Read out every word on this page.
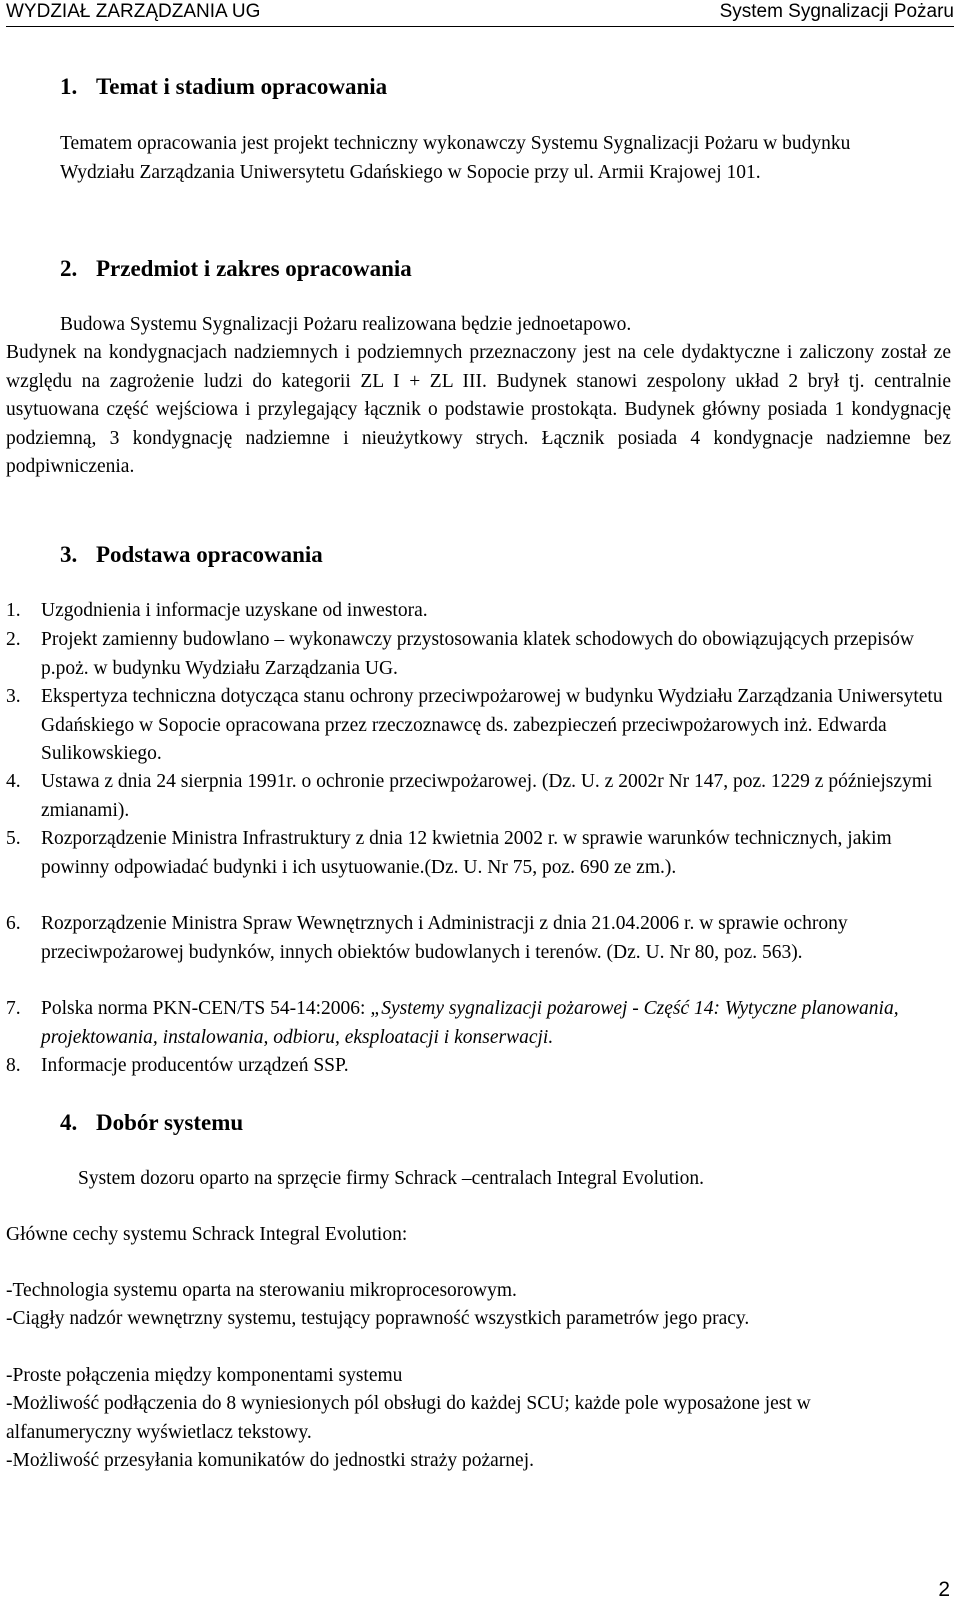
WYDZIAŁ ZARZĄDZANIA UG	System Sygnalizacji Pożaru
1. Temat i stadium opracowania

Tematem opracowania jest projekt techniczny wykonawczy Systemu Sygnalizacji Pożaru w budynku Wydziału Zarządzania Uniwersytetu Gdańskiego w Sopocie przy ul. Armii Krajowej 101.

2. Przedmiot i zakres opracowania

Budowa Systemu Sygnalizacji Pożaru realizowana będzie jednoetapowo.

Budynek na kondygnacjach nadziemnych i podziemnych przeznaczony jest na cele dydaktyczne i zaliczony został ze względu na zagrożenie ludzi do kategorii ZL I + ZL III. Budynek stanowi zespolony układ 2 brył tj. centralnie usytuowana część wejściowa i przylegający łącznik o podstawie prostokąta. Budynek główny posiada 1 kondygnację podziemną, 3 kondygnację nadziemne i nieużytkowy strych. Łącznik posiada 4 kondygnacje nadziemne bez podpiwniczenia.

3. Podstawa opracowania
1.	Uzgodnienia i informacje uzyskane od inwestora.
2.	Projekt zamienny budowlano – wykonawczy przystosowania klatek schodowych do obowiązujących przepisów p.poż. w budynku Wydziału Zarządzania UG.
3.	Ekspertyza techniczna dotycząca stanu ochrony przeciwpożarowej w budynku Wydziału Zarządzania Uniwersytetu Gdańskiego w Sopocie opracowana przez rzeczoznawcę ds. zabezpieczeń przeciwpożarowych inż. Edwarda Sulikowskiego.
4.	Ustawa z dnia 24 sierpnia 1991r. o ochronie przeciwpożarowej. (Dz. U. z 2002r Nr 147, poz. 1229 z późniejszymi zmianami).
5.	Rozporządzenie Ministra Infrastruktury z dnia 12 kwietnia 2002 r. w sprawie warunków technicznych, jakim powinny odpowiadać budynki i ich usytuowanie.(Dz. U. Nr 75, poz. 690 ze zm.).
6.	Rozporządzenie Ministra Spraw Wewnętrznych i Administracji z dnia 21.04.2006 r. w sprawie ochrony przeciwpożarowej budynków, innych obiektów budowlanych i terenów. (Dz. U. Nr 80, poz. 563).
7.	Polska norma PKN-CEN/TS 54-14:2006: „Systemy sygnalizacji pożarowej - Część 14: Wytyczne planowania, projektowania, instalowania, odbioru, eksploatacji i konserwacji.
8.	Informacje producentów urządzeń SSP.
4. Dobór systemu

System dozoru oparto na sprzęcie firmy Schrack –centralach Integral Evolution.

Główne cechy systemu Schrack Integral Evolution:

-Technologia systemu oparta na sterowaniu mikroprocesorowym.

-Ciągły nadzór wewnętrzny systemu, testujący poprawność wszystkich parametrów jego pracy.

-Proste połączenia między komponentami systemu

-Możliwość podłączenia do 8 wyniesionych pól obsługi do każdej SCU; każde pole wyposażone jest w alfanumeryczny wyświetlacz tekstowy.

-Możliwość przesyłania komunikatów do jednostki straży pożarnej.

2
